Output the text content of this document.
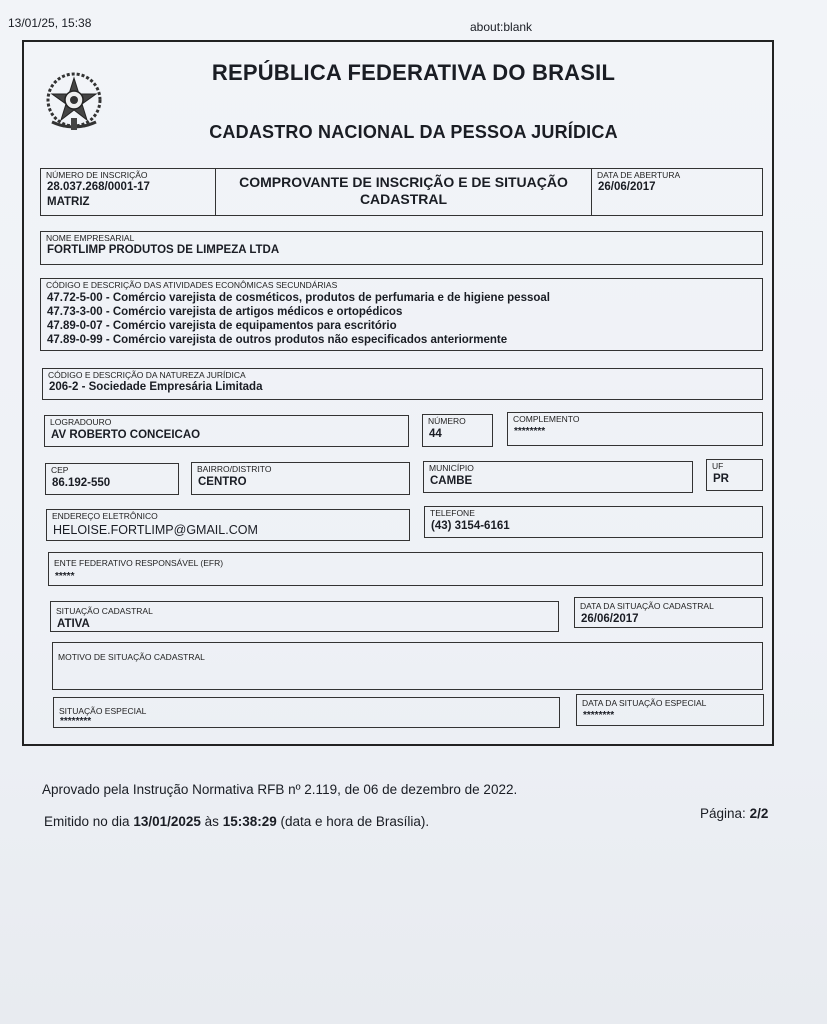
13/01/25, 15:38	about:blank
REPÚBLICA FEDERATIVA DO BRASIL
CADASTRO NACIONAL DA PESSOA JURÍDICA
NÚMERO DE INSCRIÇÃO
28.037.268/0001-17
MATRIZ
COMPROVANTE DE INSCRIÇÃO E DE SITUAÇÃO
CADASTRAL
DATA DE ABERTURA
26/06/2017
NOME EMPRESARIAL
FORTLIMP PRODUTOS DE LIMPEZA LTDA
CÓDIGO E DESCRIÇÃO DAS ATIVIDADES ECONÔMICAS SECUNDÁRIAS
47.72-5-00 - Comércio varejista de cosméticos, produtos de perfumaria e de higiene pessoal
47.73-3-00 - Comércio varejista de artigos médicos e ortopédicos
47.89-0-07 - Comércio varejista de equipamentos para escritório
47.89-0-99 - Comércio varejista de outros produtos não especificados anteriormente
CÓDIGO E DESCRIÇÃO DA NATUREZA JURÍDICA
206-2 - Sociedade Empresária Limitada
LOGRADOURO
AV ROBERTO CONCEICAO
NÚMERO
44
COMPLEMENTO
********
CEP
86.192-550
BAIRRO/DISTRITO
CENTRO
MUNICÍPIO
CAMBE
UF
PR
ENDEREÇO ELETRÔNICO
HELOISE.FORTLIMP@GMAIL.COM
TELEFONE
(43) 3154-6161
ENTE FEDERATIVO RESPONSÁVEL (EFR)
*****
SITUAÇÃO CADASTRAL
ATIVA
DATA DA SITUAÇÃO CADASTRAL
26/06/2017
MOTIVO DE SITUAÇÃO CADASTRAL
SITUAÇÃO ESPECIAL
********
DATA DA SITUAÇÃO ESPECIAL
********
Aprovado pela Instrução Normativa RFB nº 2.119, de 06 de dezembro de 2022.
Emitido no dia 13/01/2025 às 15:38:29 (data e hora de Brasília).
Página: 2/2
